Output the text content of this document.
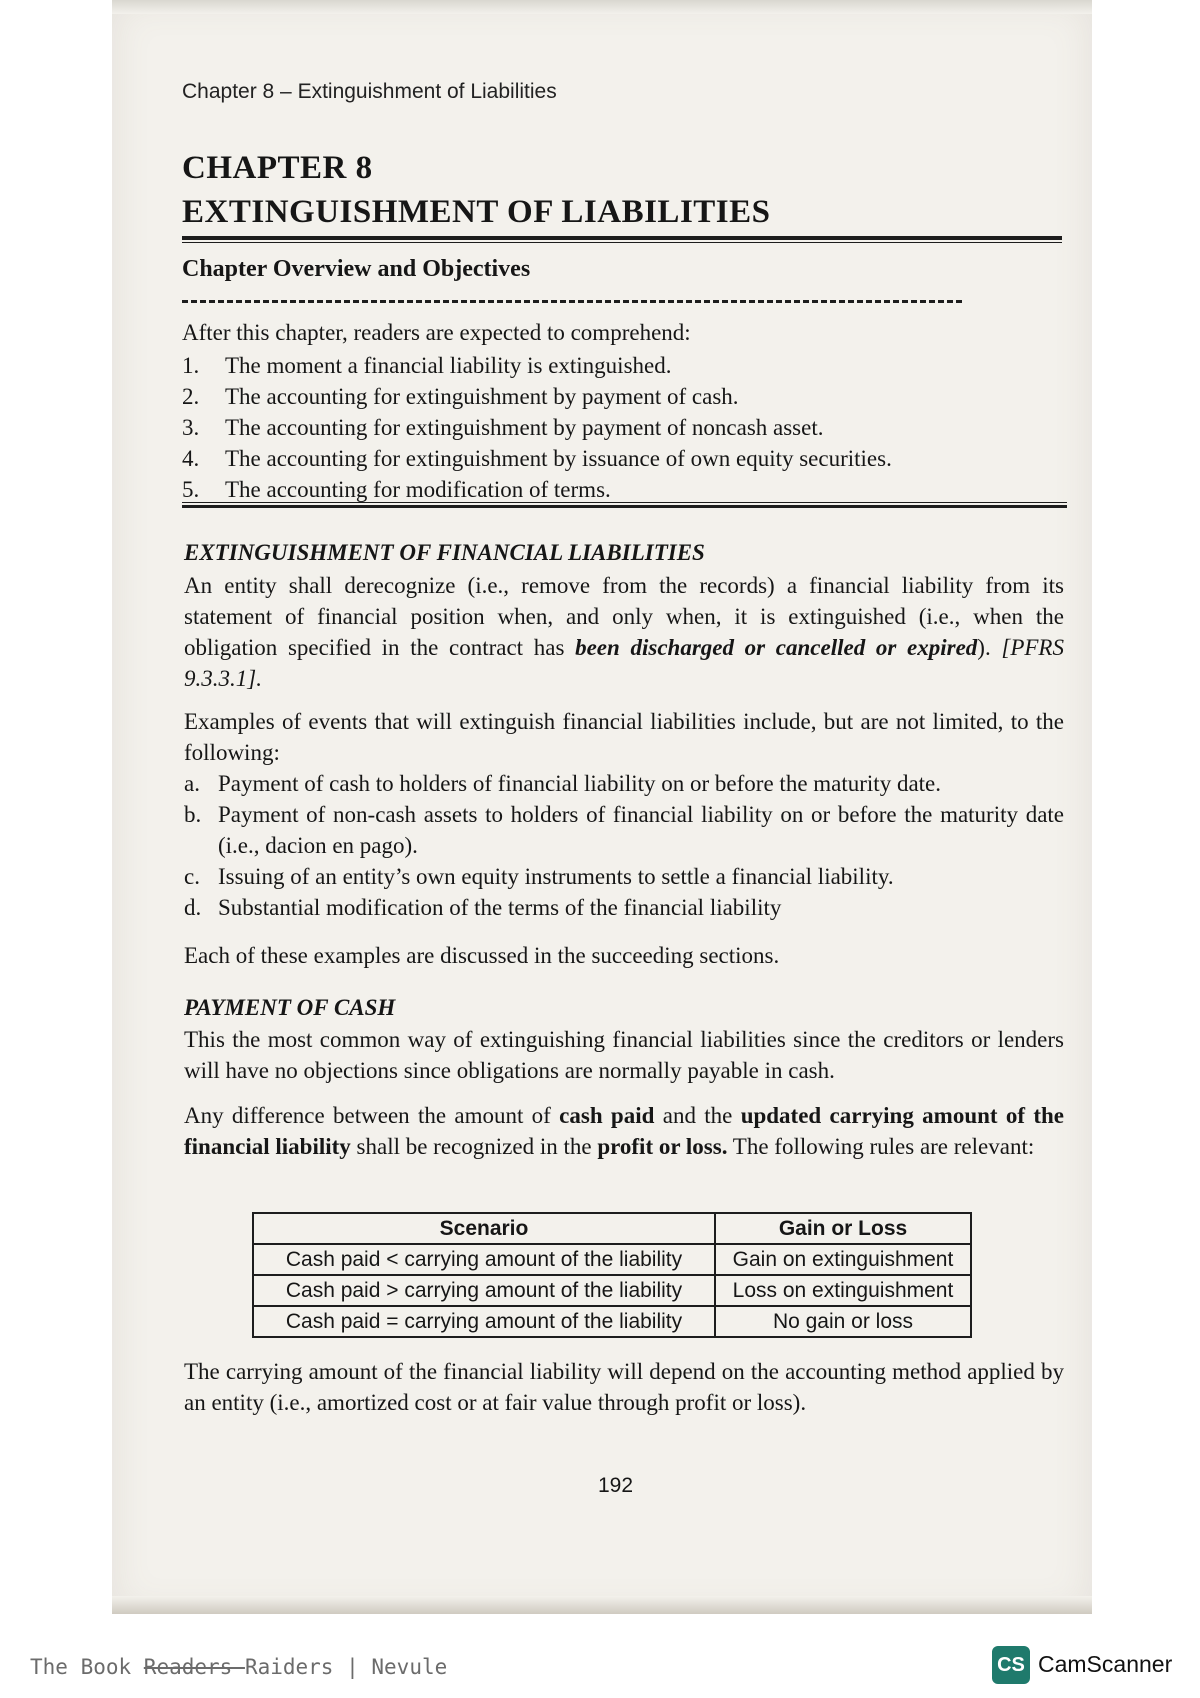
Chapter 8 – Extinguishment of Liabilities
CHAPTER 8
EXTINGUISHMENT OF LIABILITIES
Chapter Overview and Objectives
After this chapter, readers are expected to comprehend:
1. The moment a financial liability is extinguished.
2. The accounting for extinguishment by payment of cash.
3. The accounting for extinguishment by payment of noncash asset.
4. The accounting for extinguishment by issuance of own equity securities.
5. The accounting for modification of terms.
EXTINGUISHMENT OF FINANCIAL LIABILITIES
An entity shall derecognize (i.e., remove from the records) a financial liability from its statement of financial position when, and only when, it is extinguished (i.e., when the obligation specified in the contract has been discharged or cancelled or expired). [PFRS 9.3.3.1].
Examples of events that will extinguish financial liabilities include, but are not limited, to the following:
a. Payment of cash to holders of financial liability on or before the maturity date.
b. Payment of non-cash assets to holders of financial liability on or before the maturity date (i.e., dacion en pago).
c. Issuing of an entity’s own equity instruments to settle a financial liability.
d. Substantial modification of the terms of the financial liability
Each of these examples are discussed in the succeeding sections.
PAYMENT OF CASH
This the most common way of extinguishing financial liabilities since the creditors or lenders will have no objections since obligations are normally payable in cash.
Any difference between the amount of cash paid and the updated carrying amount of the financial liability shall be recognized in the profit or loss. The following rules are relevant:
Scenario	Gain or Loss
Cash paid < carrying amount of the liability	Gain on extinguishment
Cash paid > carrying amount of the liability	Loss on extinguishment
Cash paid = carrying amount of the liability	No gain or loss
The carrying amount of the financial liability will depend on the accounting method applied by an entity (i.e., amortized cost or at fair value through profit or loss).
192
The Book Readers Raiders | Nevule	CS CamScanner
